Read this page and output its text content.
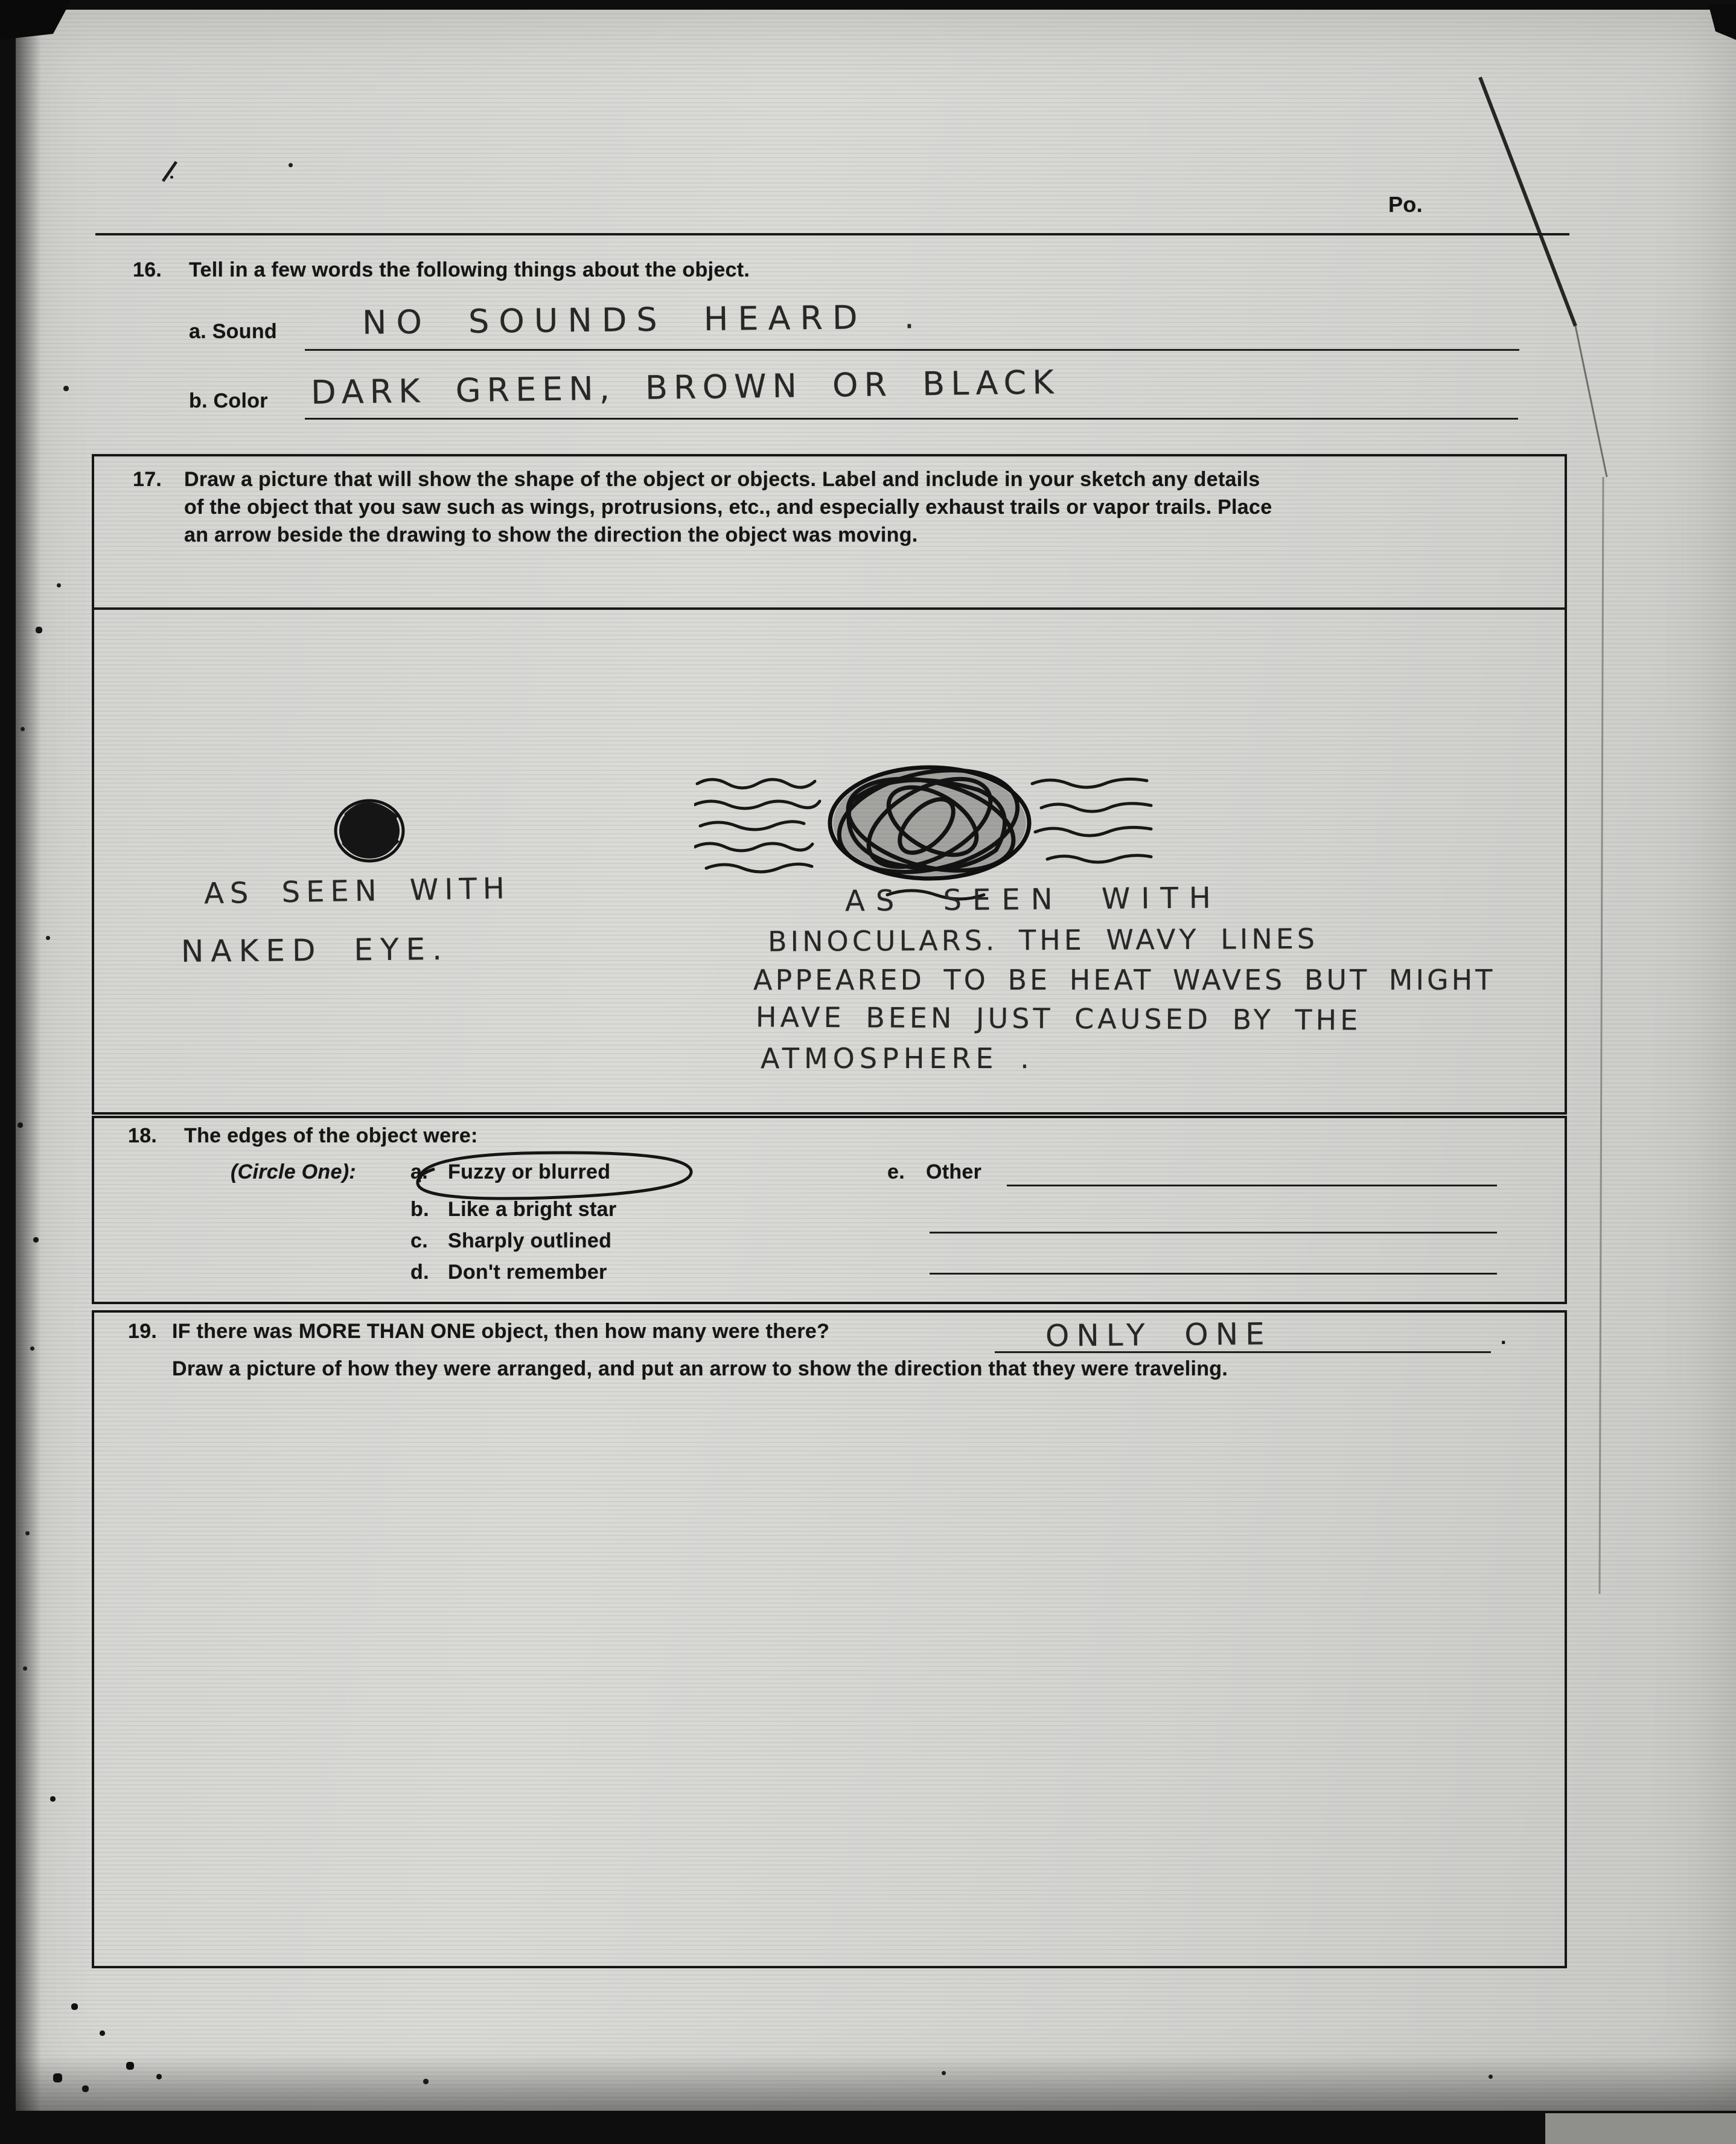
Po.
16. Tell in a few words the following things about the object.
a. Sound	NO SOUNDS HEARD .
b. Color DARK GREEN, BROWN OR BLACK
17. Draw a picture that will show the shape of the object or objects. Label and include in your sketch any details
of the object that you saw such as wings, protrusions, etc., and especially exhaust trails or vapor trails. Place
an arrow beside the drawing to show the direction the object was moving.
AS SEEN WITH
NAKED EYE.
AS SEEN WITH
BINOCULARS. THE WAVY LINES
APPEARED TO BE HEAT WAVES BUT MIGHT
HAVE BEEN JUST CAUSED BY THE
ATMOSPHERE .
18. The edges of the object were:
(Circle One):	a. Fuzzy or blurred
b. Like a bright star
c. Sharply outlined
d. Don't remember
e. Other
19. IF there was MORE THAN ONE object, then how many were there?	ONLY ONE	.
Draw a picture of how they were arranged, and put an arrow to show the direction that they were traveling.
